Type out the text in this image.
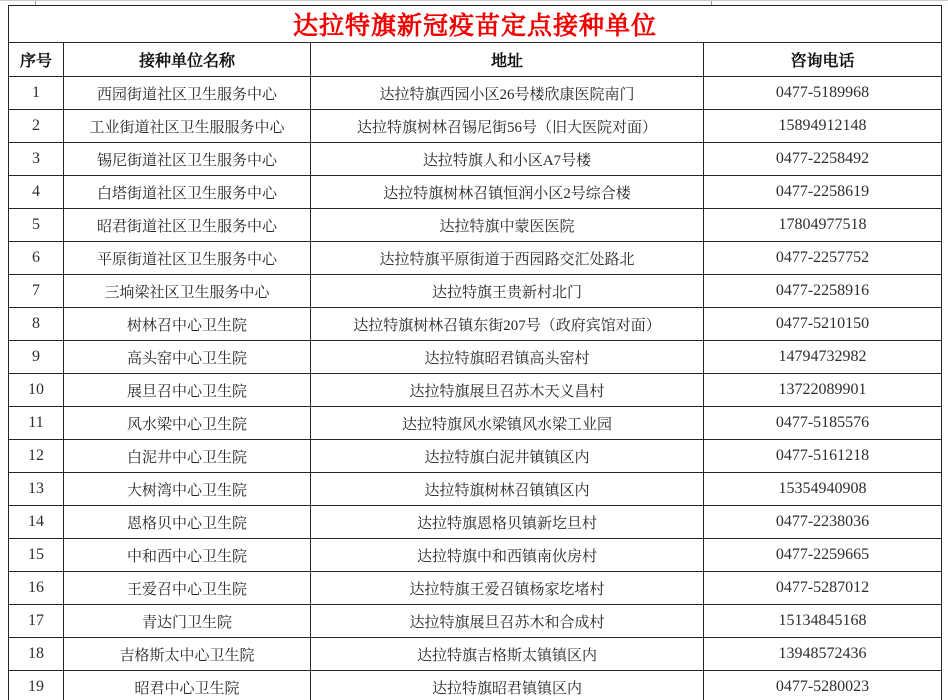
达拉特旗新冠疫苗定点接种单位			
序号	接种单位名称	地址	咨询电话
1	西园街道社区卫生服务中心	达拉特旗西园小区26号楼欣康医院南门	0477-5189968
2	工业街道社区卫生服服务中心	达拉特旗树林召锡尼街56号（旧大医院对面）	15894912148
3	锡尼街道社区卫生服务中心	达拉特旗人和小区A7号楼	0477-2258492
4	白塔街道社区卫生服务中心	达拉特旗树林召镇恒润小区2号综合楼	0477-2258619
5	昭君街道社区卫生服务中心	达拉特旗中蒙医医院	17804977518
6	平原街道社区卫生服务中心	达拉特旗平原街道于西园路交汇处路北	0477-2257752
7	三垧梁社区卫生服务中心	达拉特旗王贵新村北门	0477-2258916
8	树林召中心卫生院	达拉特旗树林召镇东街207号（政府宾馆对面）	0477-5210150
9	高头窑中心卫生院	达拉特旗昭君镇高头窑村	14794732982
10	展旦召中心卫生院	达拉特旗展旦召苏木天义昌村	13722089901
11	风水梁中心卫生院	达拉特旗风水梁镇风水梁工业园	0477-5185576
12	白泥井中心卫生院	达拉特旗白泥井镇镇区内	0477-5161218
13	大树湾中心卫生院	达拉特旗树林召镇镇区内	15354940908
14	恩格贝中心卫生院	达拉特旗恩格贝镇新圪旦村	0477-2238036
15	中和西中心卫生院	达拉特旗中和西镇南伙房村	0477-2259665
16	王爱召中心卫生院	达拉特旗王爱召镇杨家圪堵村	0477-5287012
17	青达门卫生院	达拉特旗展旦召苏木和合成村	15134845168
18	吉格斯太中心卫生院	达拉特旗吉格斯太镇镇区内	13948572436
19	昭君中心卫生院	达拉特旗昭君镇镇区内	0477-5280023
